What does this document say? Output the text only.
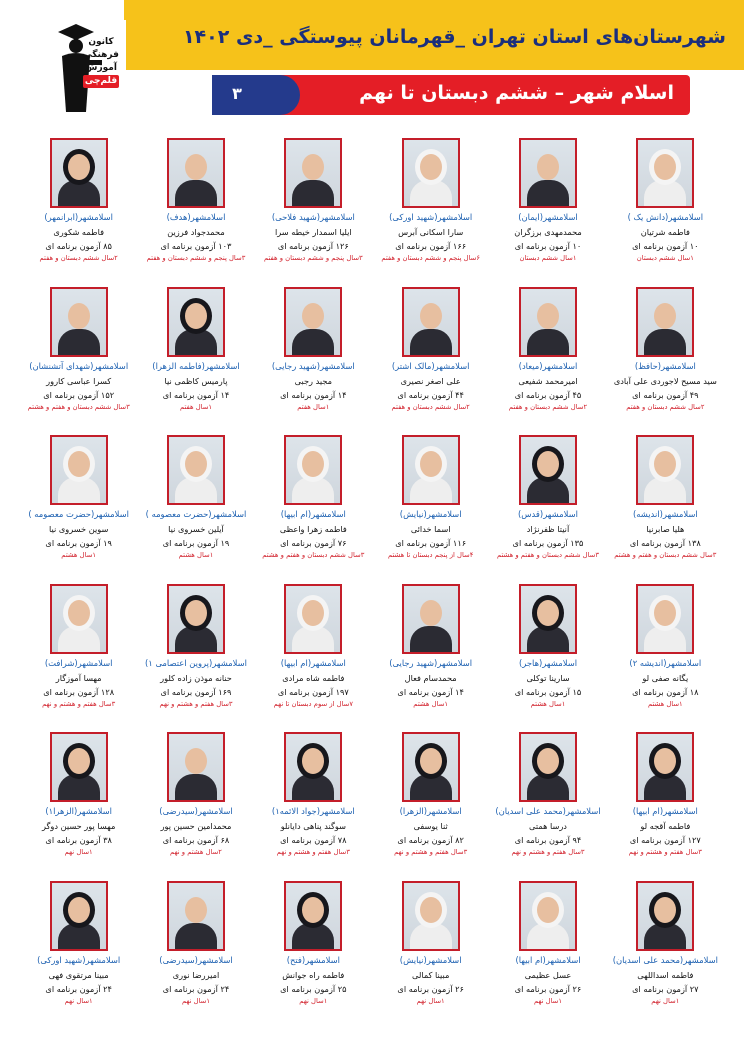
شهرستان‌های استان تهران _قهرمانان پیوستگی _دی ۱۴۰۲
کانون
فرهنگی
آموزش
قلم‌چی
۳	اسلام شهر – ششم دبستان تا نهم
اسلامشهر(دانش یک )
فاطمه شرتیان
۱۰ آزمون برنامه ای
۱سال ششم دبستان
اسلامشهر(ایمان)
محمدمهدی برزگران
۱۰ آزمون برنامه ای
۱سال ششم دبستان
اسلامشهر(شهید اورکی)
سارا اسکانی آبرس
۱۶۶ آزمون برنامه ای
۶سال پنجم و ششم دبستان و هفتم
اسلامشهر(شهید فلاحی)
ایلیا اسمدار خیطه سرا
۱۲۶ آزمون برنامه ای
۳سال پنجم و ششم دبستان و هفتم
اسلامشهر(هدف)
محمدجواد فرزین
۱۰۳ آزمون برنامه ای
۳سال پنجم و ششم دبستان و هفتم
اسلامشهر(ابرانمهر)
فاطمه شکوری
۸۵ آزمون برنامه ای
۲سال ششم دبستان و هفتم
اسلامشهر(حافظ)
سید مسیح لاجوردی علی آبادی
۴۹ آزمون برنامه ای
۲سال ششم دبستان و هفتم
اسلامشهر(میعاد)
امیرمحمد شفیعی
۴۵ آزمون برنامه ای
۲سال ششم دبستان و هفتم
اسلامشهر(مالک اشتر)
علی اصغر نصیری
۴۴ آزمون برنامه ای
۲سال ششم دبستان و هفتم
اسلامشهر(شهید رجایی)
مجید رجبی
۱۴ آزمون برنامه ای
۱سال هفتم
اسلامشهر(فاطمه الزهرا)
پارمیس کاظمی نیا
۱۴ آزمون برنامه ای
۱سال هفتم
اسلامشهر(شهدای آتشنشان)
کسرا عباسی کارور
۱۵۲ آزمون برنامه ای
۳سال ششم دبستان و هفتم و هشتم
اسلامشهر(اندیشه)
هلیا صابرنیا
۱۳۸ آزمون برنامه ای
۳سال ششم دبستان و هفتم و هشتم
اسلامشهر(قدس)
آنیتا ظفرنژاد
۱۳۵ آزمون برنامه ای
۳سال ششم دبستان و هفتم و هشتم
اسلامشهر(نیایش)
اسما خدائی
۱۱۶ آزمون برنامه ای
۴سال از پنجم دبستان تا هشتم
اسلامشهر(ام ابیها)
فاطمه زهرا واعظی
۷۶ آزمون برنامه ای
۳سال ششم دبستان و هفتم و هشتم
اسلامشهر(حضرت معصومه )
آیلین خسروی نیا
۱۹ آزمون برنامه ای
۱سال هشتم
اسلامشهر(حضرت معصومه )
سوین خسروی نیا
۱۹ آزمون برنامه ای
۱سال هشتم
اسلامشهر(اندیشه ۲)
یگانه صفی لو
۱۸ آزمون برنامه ای
۱سال هشتم
اسلامشهر(هاجر)
سارینا توکلی
۱۵ آزمون برنامه ای
۱سال هشتم
اسلامشهر(شهید رجایی)
محمدسام فعال
۱۴ آزمون برنامه ای
۱سال هشتم
اسلامشهر(ام ابیها)
فاطمه شاه مرادی
۱۹۷ آزمون برنامه ای
۷سال از سوم دبستان تا نهم
اسلامشهر(پروین اعتصامی ۱)
حنانه موذن زاده کلور
۱۶۹ آزمون برنامه ای
۳سال هفتم و هشتم و نهم
اسلامشهر(شرافت)
مهسا آموزگار
۱۲۸ آزمون برنامه ای
۳سال هفتم و هشتم و نهم
اسلامشهر(ام ابیها)
فاطمه آقجه لو
۱۲۷ آزمون برنامه ای
۳سال هفتم و هشتم و نهم
اسلامشهر(محمد علی اسدیان)
درسا همتی
۹۴ آزمون برنامه ای
۳سال هفتم و هشتم و نهم
اسلامشهر(الزهرا)
ثنا یوسفی
۸۲ آزمون برنامه ای
۳سال هفتم و هشتم و نهم
اسلامشهر(جواد الائمه۱)
سوگند پناهی دایانلو
۷۸ آزمون برنامه ای
۳سال هفتم و هشتم و نهم
اسلامشهر(سیدرضی)
محمدامین حسین پور
۶۸ آزمون برنامه ای
۲سال هشتم و نهم
اسلامشهر(الزهرا۱)
مهسا پور حسین دوگر
۳۸ آزمون برنامه ای
۱سال نهم
اسلامشهر(محمد علی اسدیان)
فاطمه اسداللهی
۲۷ آزمون برنامه ای
۱سال نهم
اسلامشهر(ام ابیها)
عسل عظیمی
۲۶ آزمون برنامه ای
۱سال نهم
اسلامشهر(نیایش)
مبینا کمالی
۲۶ آزمون برنامه ای
۱سال نهم
اسلامشهر(فتح)
فاطمه راه جوانش
۲۵ آزمون برنامه ای
۱سال نهم
اسلامشهر(سیدرضی)
امیررضا نوری
۲۴ آزمون برنامه ای
۱سال نهم
اسلامشهر(شهید اورکی)
مبینا مرتقوی فهی
۲۴ آزمون برنامه ای
۱سال نهم
